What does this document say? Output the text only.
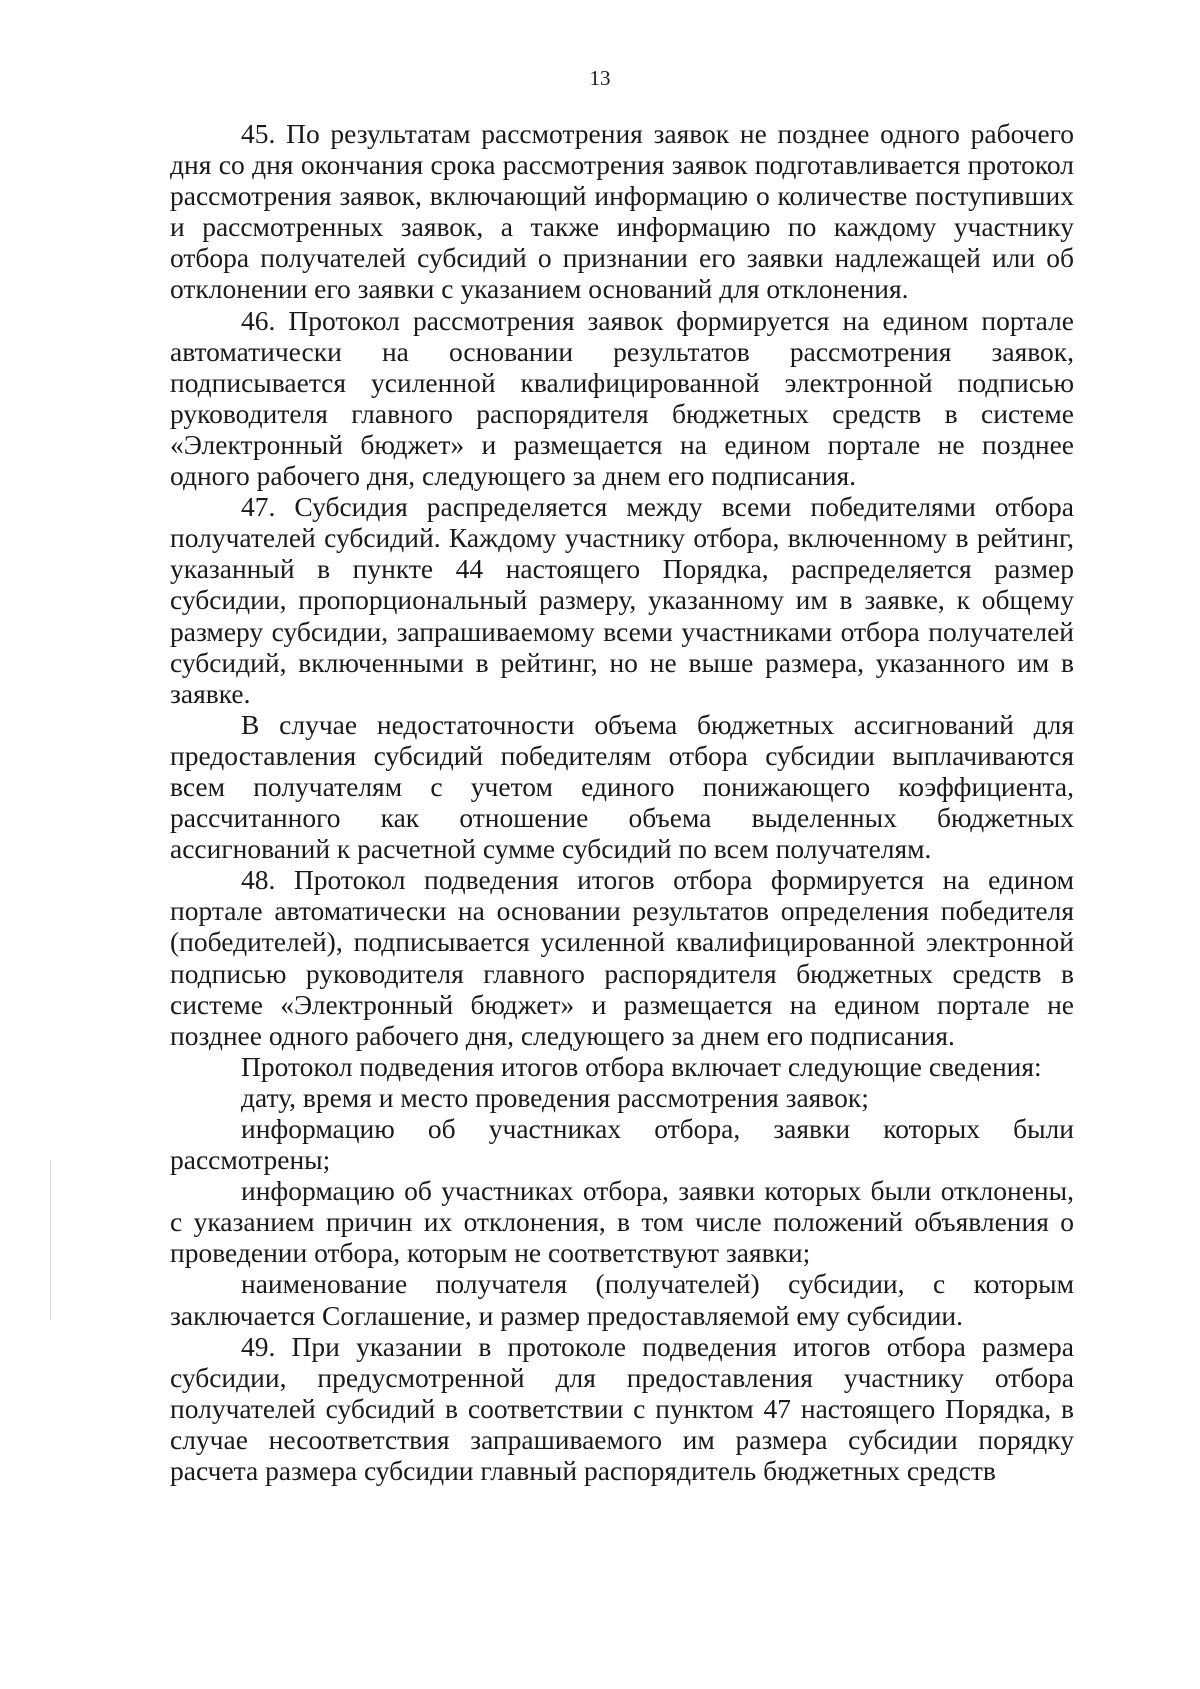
13

45. По результатам рассмотрения заявок не позднее одного рабочего дня со дня окончания срока рассмотрения заявок подготавливается протокол рассмотрения заявок, включающий информацию о количестве поступивших и рассмотренных заявок, а также информацию по каждому участнику отбора получателей субсидий о признании его заявки надлежащей или об отклонении его заявки с указанием оснований для отклонения.

46. Протокол рассмотрения заявок формируется на едином портале автоматически на основании результатов рассмотрения заявок, подписывается усиленной квалифицированной электронной подписью руководителя главного распорядителя бюджетных средств в системе «Электронный бюджет» и размещается на едином портале не позднее одного рабочего дня, следующего за днем его подписания.

47. Субсидия распределяется между всеми победителями отбора получателей субсидий. Каждому участнику отбора, включенному в рейтинг, указанный в пункте 44 настоящего Порядка, распределяется размер субсидии, пропорциональный размеру, указанному им в заявке, к общему размеру субсидии, запрашиваемому всеми участниками отбора получателей субсидий, включенными в рейтинг, но не выше размера, указанного им в заявке.

В случае недостаточности объема бюджетных ассигнований для предоставления субсидий победителям отбора субсидии выплачиваются всем получателям с учетом единого понижающего коэффициента, рассчитанного как отношение объема выделенных бюджетных ассигнований к расчетной сумме субсидий по всем получателям.

48. Протокол подведения итогов отбора формируется на едином портале автоматически на основании результатов определения победителя (победителей), подписывается усиленной квалифицированной электронной подписью руководителя главного распорядителя бюджетных средств в системе «Электронный бюджет» и размещается на едином портале не позднее одного рабочего дня, следующего за днем его подписания.

Протокол подведения итогов отбора включает следующие сведения:

дату, время и место проведения рассмотрения заявок;

информацию об участниках отбора, заявки которых были рассмотрены;

информацию об участниках отбора, заявки которых были отклонены, с указанием причин их отклонения, в том числе положений объявления о проведении отбора, которым не соответствуют заявки;

наименование получателя (получателей) субсидии, с которым заключается Соглашение, и размер предоставляемой ему субсидии.

49. При указании в протоколе подведения итогов отбора размера субсидии, предусмотренной для предоставления участнику отбора получателей субсидий в соответствии с пунктом 47 настоящего Порядка, в случае несоответствия запрашиваемого им размера субсидии порядку расчета размера субсидии главный распорядитель бюджетных средств
